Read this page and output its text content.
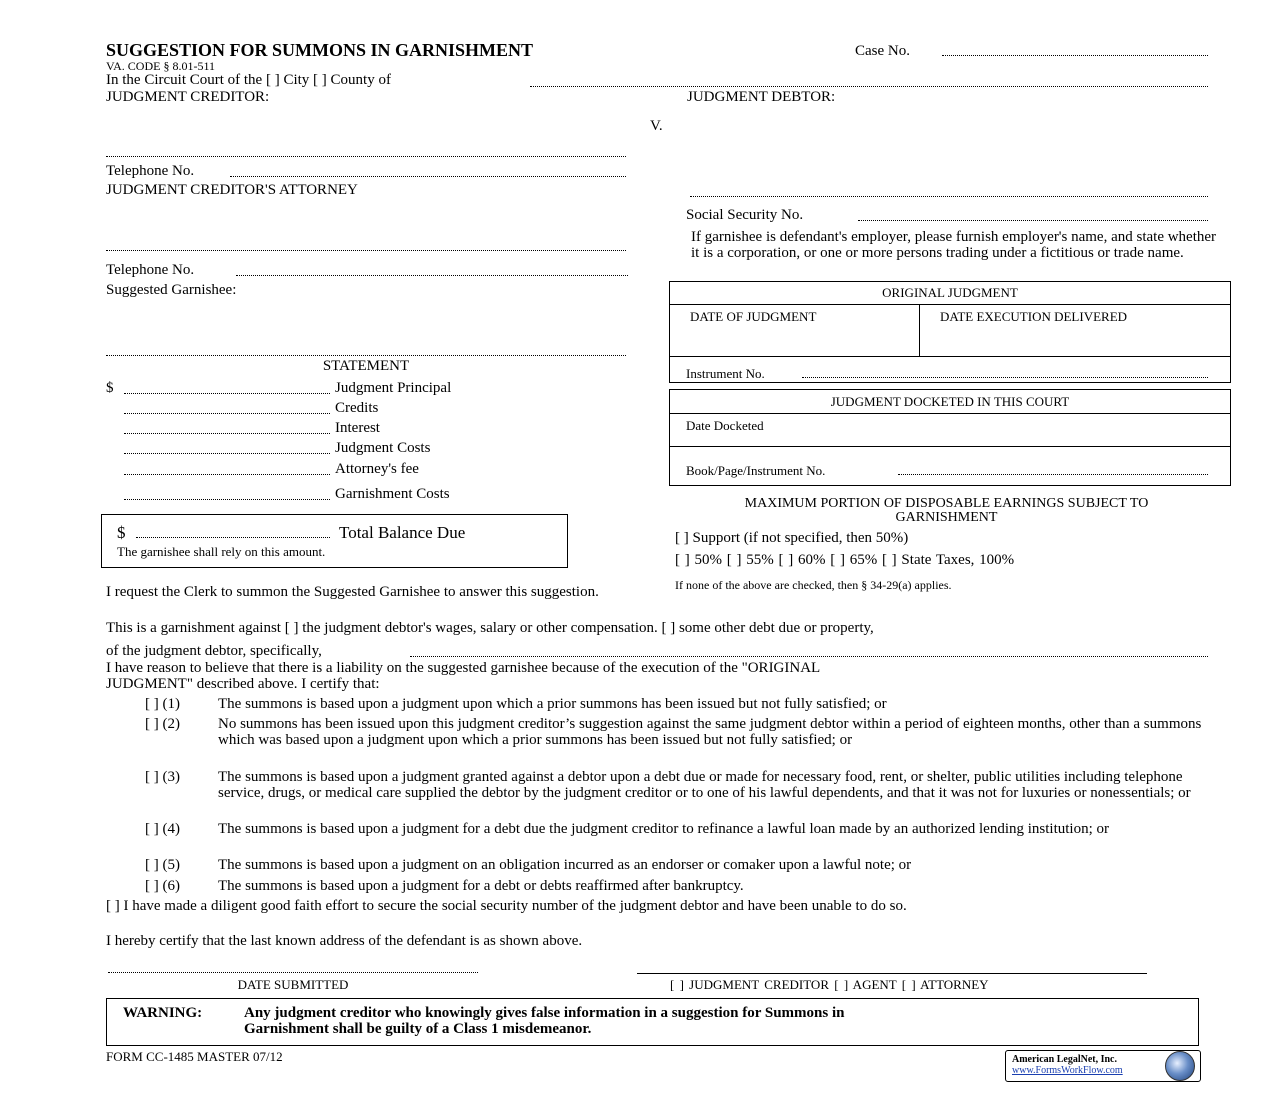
SUGGESTION FOR SUMMONS IN GARNISHMENT
VA. CODE § 8.01-511
Case No.
In the Circuit Court of the [ ] City [ ] County of
JUDGMENT CREDITOR:	JUDGMENT DEBTOR:
V.
Telephone No.
JUDGMENT CREDITOR'S ATTORNEY
Telephone No.
Suggested Garnishee:
Social Security No.
If garnishee is defendant's employer, please furnish employer's name, and state whether it is a corporation, or one or more persons trading under a fictitious or trade name.
ORIGINAL JUDGMENT
DATE OF JUDGMENT	DATE EXECUTION DELIVERED
Instrument No.
JUDGMENT DOCKETED IN THIS COURT
Date Docketed
Book/Page/Instrument No.
STATEMENT
$	Judgment Principal
Credits
Interest
Judgment Costs
Attorney's fee
Garnishment Costs
$	Total Balance Due
The garnishee shall rely on this amount.
MAXIMUM PORTION OF DISPOSABLE EARNINGS SUBJECT TO
GARNISHMENT
[ ] Support (if not specified, then 50%)
[ ] 50% [ ] 55% [ ] 60% [ ] 65% [ ] State Taxes, 100%
If none of the above are checked, then § 34-29(a) applies.
I request the Clerk to summon the Suggested Garnishee to answer this suggestion.
This is a garnishment against [ ] the judgment debtor's wages, salary or other compensation. [ ] some other debt due or property,
of the judgment debtor, specifically,
I have reason to believe that there is a liability on the suggested garnishee because of the execution of the "ORIGINAL
JUDGMENT" described above. I certify that:
[ ] (1)	The summons is based upon a judgment upon which a prior summons has been issued but not fully satisfied; or
[ ] (2)	No summons has been issued upon this judgment creditor’s suggestion against the same judgment debtor within a period of eighteen months, other than a summons which was based upon a judgment upon which a prior summons has been issued but not fully satisfied; or
[ ] (3)	The summons is based upon a judgment granted against a debtor upon a debt due or made for necessary food, rent, or shelter, public utilities including telephone service, drugs, or medical care supplied the debtor by the judgment creditor or to one of his lawful dependents, and that it was not for luxuries or nonessentials; or
[ ] (4)	The summons is based upon a judgment for a debt due the judgment creditor to refinance a lawful loan made by an authorized lending institution; or
[ ] (5)	The summons is based upon a judgment on an obligation incurred as an endorser or comaker upon a lawful note; or
[ ] (6)	The summons is based upon a judgment for a debt or debts reaffirmed after bankruptcy.
[ ] I have made a diligent good faith effort to secure the social security number of the judgment debtor and have been unable to do so.
I hereby certify that the last known address of the defendant is as shown above.
DATE SUBMITTED	[ ] JUDGMENT CREDITOR [ ] AGENT [ ] ATTORNEY
WARNING:	Any judgment creditor who knowingly gives false information in a suggestion for Summons in
Garnishment shall be guilty of a Class 1 misdemeanor.
FORM CC-1485 MASTER 07/12	American LegalNet, Inc.
www.FormsWorkFlow.com
